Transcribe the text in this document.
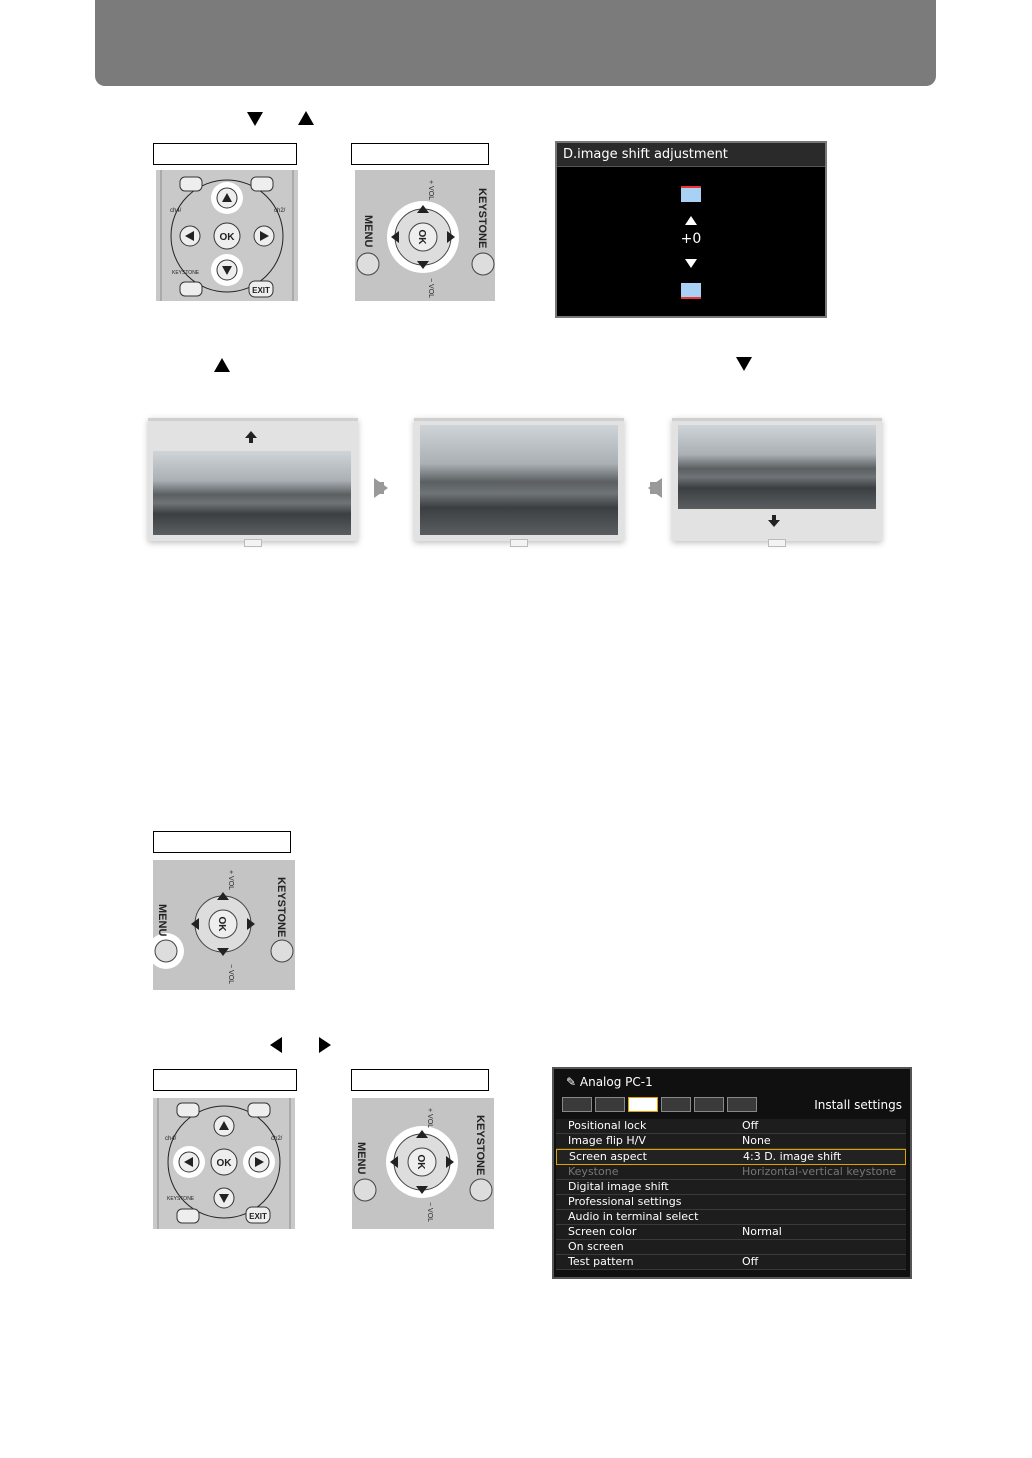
OK
EXIT
KEYSTONE
ch4/	ch2/
OK
MENU	KEYSTONE
+ VOL
− VOL
D.image shift adjustment
+0
OK
MENU	KEYSTONE
+ VOL
− VOL
OK
EXIT
KEYSTONE
ch4/	ch2/
OK
MENU	KEYSTONE
+ VOL
− VOL
✎ Analog PC-1
Install settings
Positional lock	Off
Image flip H/V	None
Screen aspect	4:3 D. image shift
Keystone	Horizontal-vertical keystone
Digital image shift
Professional settings
Audio in terminal select
Screen color	Normal
On screen
Test pattern	Off
